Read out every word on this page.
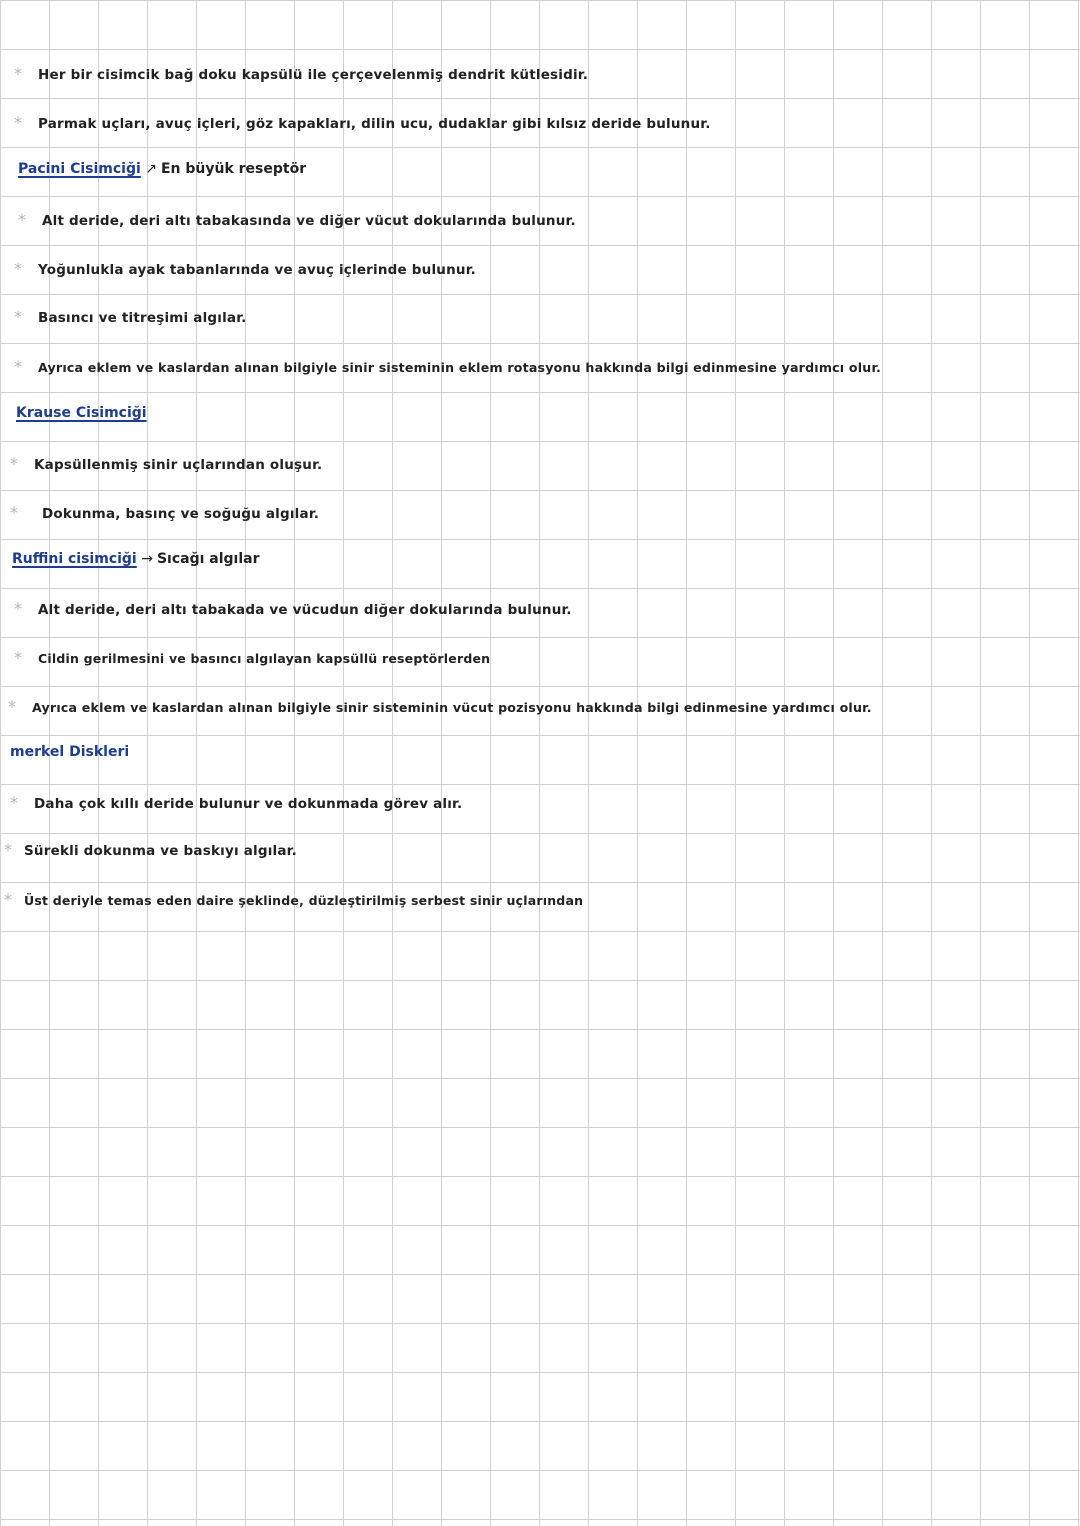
* Her bir cisimcik bağ doku kapsülü ile çerçevelenmiş dendrit kütlesidir.
* Parmak uçları, avuç içleri, göz kapakları, dilin ucu, dudaklar gibi kılsız deride bulunur.
Pacini Cisimciği ↗ En büyük reseptör
* Alt deride, deri altı tabakasında ve diğer vücut dokularında bulunur.
* Yoğunlukla ayak tabanlarında ve avuç içlerinde bulunur.
* Basıncı ve titreşimi algılar.
* Ayrıca eklem ve kaslardan alınan bilgiyle sinir sisteminin eklem rotasyonu hakkında bilgi edinmesine yardımcı olur.
Krause Cisimciği
* Kapsüllenmiş sinir uçlarından oluşur.
* Dokunma, basınç ve soğuğu algılar.
Ruffini cisimciği → Sıcağı algılar
* Alt deride, deri altı tabakada ve vücudun diğer dokularında bulunur.
* Cildin gerilmesini ve basıncı algılayan kapsüllü reseptörlerden
* Ayrıca eklem ve kaslardan alınan bilgiyle sinir sisteminin vücut pozisyonu hakkında bilgi edinmesine yardımcı olur.
merkel Diskleri
* Daha çok kıllı deride bulunur ve dokunmada görev alır.
* Sürekli dokunma ve baskıyı algılar.
* Üst deriyle temas eden daire şeklinde, düzleştirilmiş serbest sinir uçlarından
